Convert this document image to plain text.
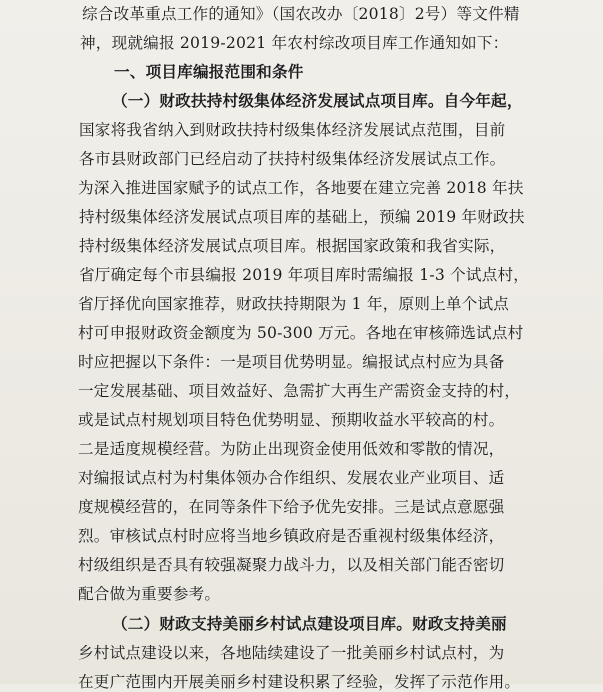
综合改革重点工作的通知》（国农改办〔2018〕2号）等文件精
神，现就编报 2019-2021 年农村综改项目库工作通知如下：
一、项目库编报范围和条件
（一）财政扶持村级集体经济发展试点项目库。自今年起，
国家将我省纳入到财政扶持村级集体经济发展试点范围，目前
各市县财政部门已经启动了扶持村级集体经济发展试点工作。
为深入推进国家赋予的试点工作，各地要在建立完善 2018 年扶
持村级集体经济发展试点项目库的基础上，预编 2019 年财政扶
持村级集体经济发展试点项目库。根据国家政策和我省实际，
省厅确定每个市县编报 2019 年项目库时需编报 1-3 个试点村，
省厅择优向国家推荐，财政扶持期限为 1 年，原则上单个试点
村可申报财政资金额度为 50-300 万元。各地在审核筛选试点村
时应把握以下条件：一是项目优势明显。编报试点村应为具备
一定发展基础、项目效益好、急需扩大再生产需资金支持的村，
或是试点村规划项目特色优势明显、预期收益水平较高的村。
二是适度规模经营。为防止出现资金使用低效和零散的情况，
对编报试点村为村集体领办合作组织、发展农业产业项目、适
度规模经营的，在同等条件下给予优先安排。三是试点意愿强
烈。审核试点村时应将当地乡镇政府是否重视村级集体经济，
村级组织是否具有较强凝聚力战斗力，以及相关部门能否密切
配合做为重要参考。
（二）财政支持美丽乡村试点建设项目库。财政支持美丽
乡村试点建设以来，各地陆续建设了一批美丽乡村试点村，为
在更广范围内开展美丽乡村建设积累了经验，发挥了示范作用。
